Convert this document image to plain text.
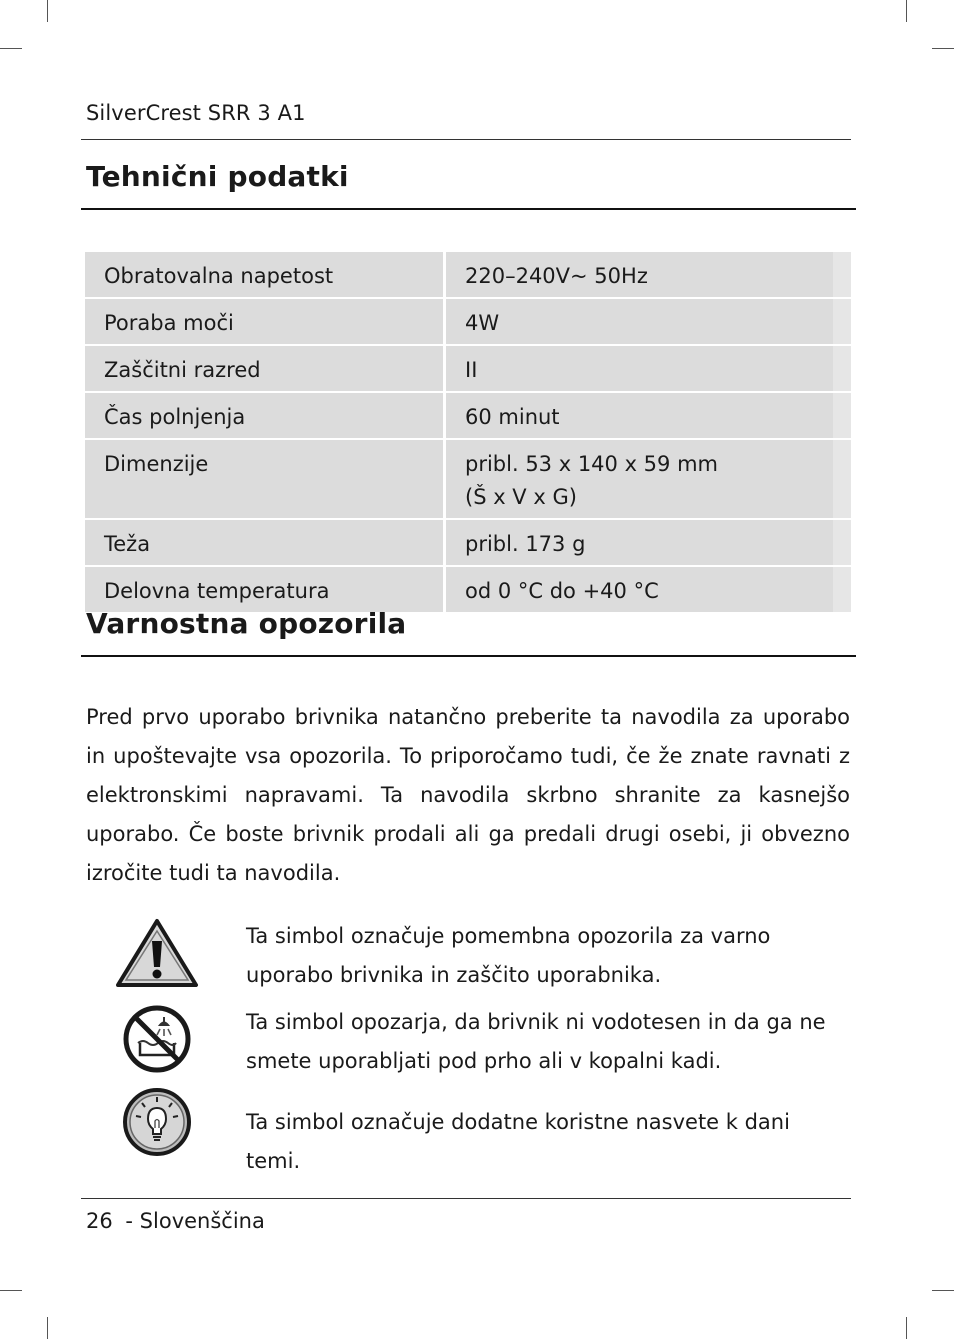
SilverCrest SRR 3 A1
Tehnični podatki
Obratovalna napetost	220–240V~ 50Hz
Poraba moči	4W
Zaščitni razred	II
Čas polnjenja	60 minut
Dimenzije	pribl. 53 x 140 x 59 mm
(Š x V x G)

Teža	pribl. 173 g
Delovna temperatura	od 0 °C do +40 °C
Varnostna opozorila
Pred prvo uporabo brivnika natančno preberite ta navodila za uporabo in upoštevajte vsa opozorila. To priporočamo tudi, če že znate ravnati z elektronskimi napravami. Ta navodila skrbno shranite za kasnejšo uporabo. Če boste brivnik prodali ali ga predali drugi osebi, ji obvezno izročite tudi ta navodila.
Ta simbol označuje pomembna opozorila za varno uporabo brivnika in zaščito uporabnika.
Ta simbol opozarja, da brivnik ni vodotesen in da ga ne smete uporabljati pod prho ali v kopalni kadi.
Ta simbol označuje dodatne koristne nasvete k dani temi.
26 - Slovenščina
